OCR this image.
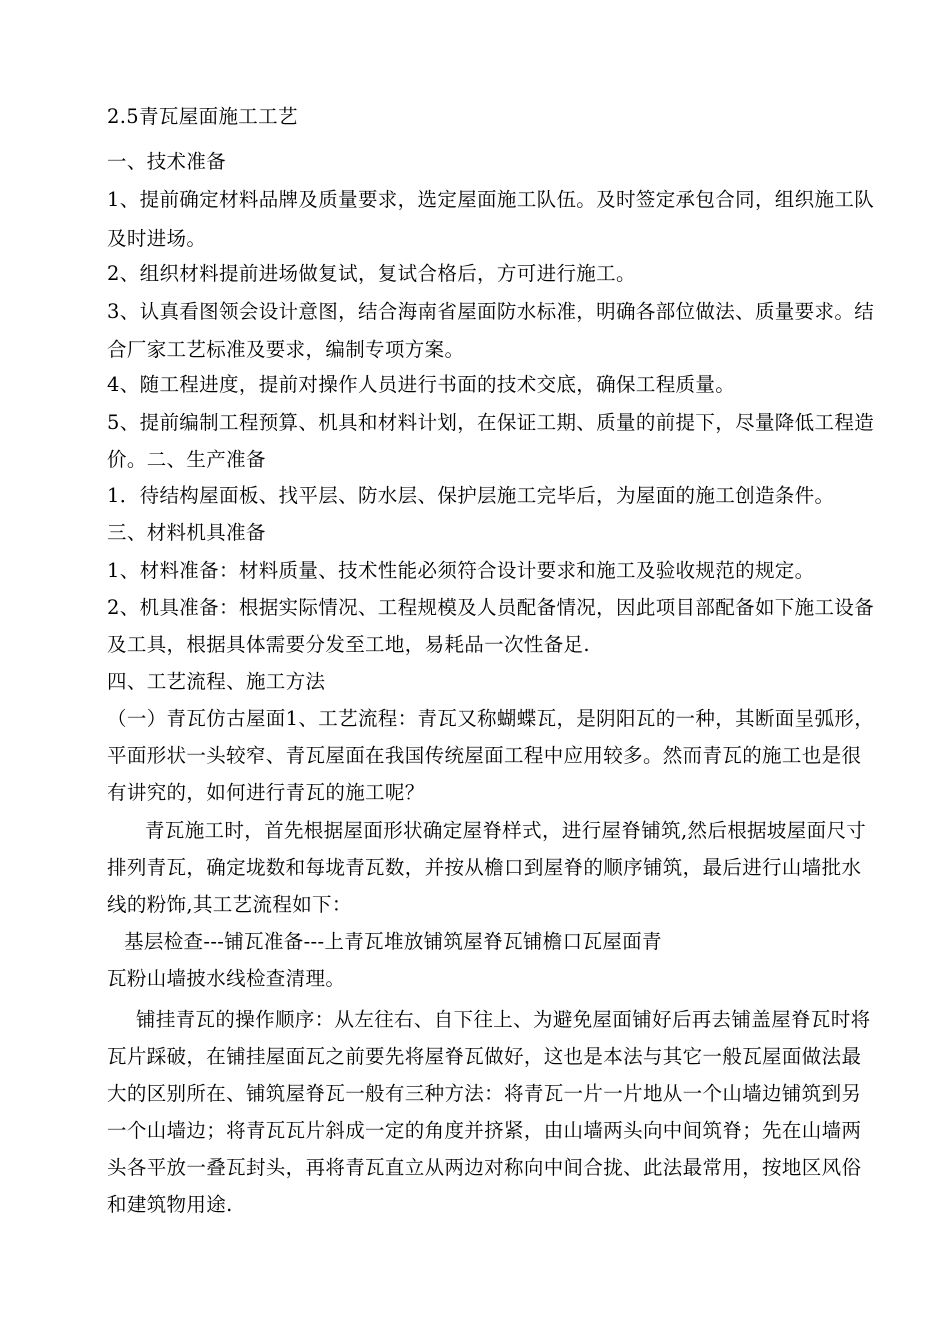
2.5青瓦屋面施工工艺
一、技术准备
1、提前确定材料品牌及质量要求，选定屋面施工队伍。及时签定承包合同，组织施工队
及时进场。
2、组织材料提前进场做复试，复试合格后，方可进行施工。
3、认真看图领会设计意图，结合海南省屋面防水标准，明确各部位做法、质量要求。结
合厂家工艺标准及要求，编制专项方案。
4、随工程进度，提前对操作人员进行书面的技术交底，确保工程质量。
5、提前编制工程预算、机具和材料计划，在保证工期、质量的前提下，尽量降低工程造
价。二、生产准备
1．待结构屋面板、找平层、防水层、保护层施工完毕后，为屋面的施工创造条件。
三、材料机具准备
1、材料准备：材料质量、技术性能必须符合设计要求和施工及验收规范的规定。
2、机具准备：根据实际情况、工程规模及人员配备情况，因此项目部配备如下施工设备
及工具，根据具体需要分发至工地，易耗品一次性备足.
四、工艺流程、施工方法
（一）青瓦仿古屋面1、工艺流程：青瓦又称蝴蝶瓦，是阴阳瓦的一种，其断面呈弧形，
平面形状一头较窄、青瓦屋面在我国传统屋面工程中应用较多。然而青瓦的施工也是很
有讲究的，如何进行青瓦的施工呢？
青瓦施工时，首先根据屋面形状确定屋脊样式，进行屋脊铺筑,然后根据坡屋面尺寸
排列青瓦，确定垅数和每垅青瓦数，并按从檐口到屋脊的顺序铺筑，最后进行山墙批水
线的粉饰,其工艺流程如下：
基层检查---铺瓦准备---上青瓦堆放铺筑屋脊瓦铺檐口瓦屋面青
瓦粉山墙披水线检查清理。
铺挂青瓦的操作顺序：从左往右、自下往上、为避免屋面铺好后再去铺盖屋脊瓦时将
瓦片踩破，在铺挂屋面瓦之前要先将屋脊瓦做好，这也是本法与其它一般瓦屋面做法最
大的区别所在、铺筑屋脊瓦一般有三种方法：将青瓦一片一片地从一个山墙边铺筑到另
一个山墙边；将青瓦瓦片斜成一定的角度并挤紧，由山墙两头向中间筑脊；先在山墙两
头各平放一叠瓦封头，再将青瓦直立从两边对称向中间合拢、此法最常用，按地区风俗
和建筑物用途.
